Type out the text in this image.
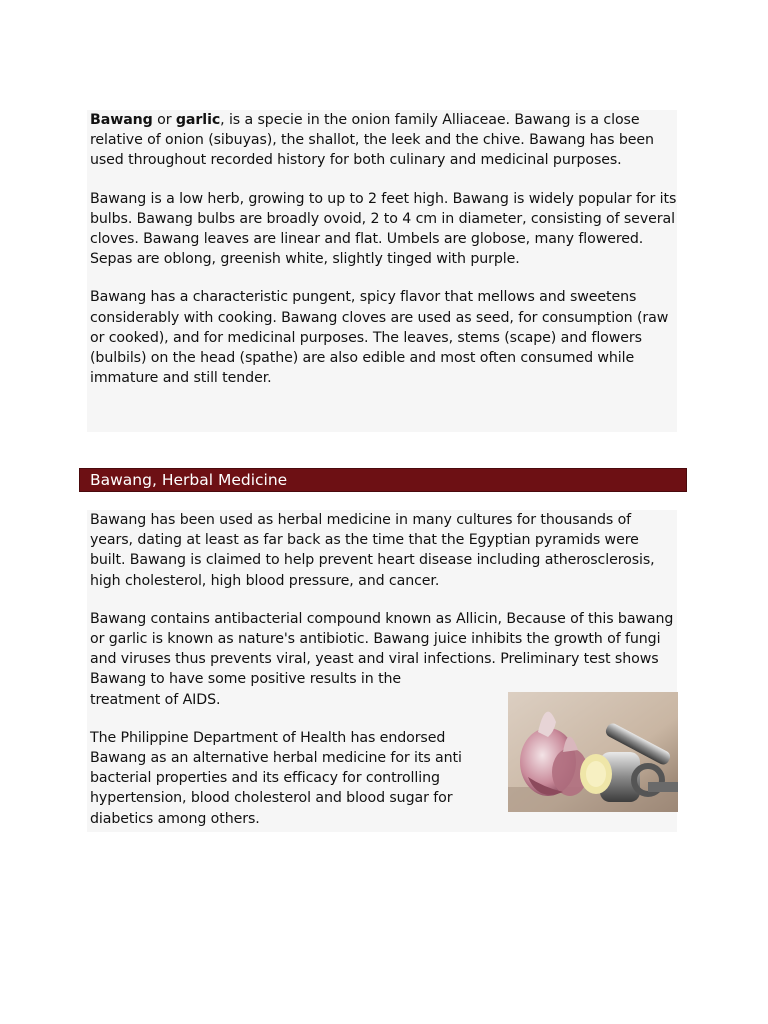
Bawang or garlic, is a specie in the onion family Alliaceae. Bawang is a close relative of onion (sibuyas), the shallot, the leek and the chive. Bawang has been used throughout recorded history for both culinary and medicinal purposes.

Bawang is a low herb, growing to up to 2 feet high. Bawang is widely popular for its bulbs. Bawang bulbs are broadly ovoid, 2 to 4 cm in diameter, consisting of several cloves. Bawang leaves are linear and flat. Umbels are globose, many flowered. Sepas are oblong, greenish white, slightly tinged with purple.

Bawang has a characteristic pungent, spicy flavor that mellows and sweetens considerably with cooking. Bawang cloves are used as seed, for consumption (raw or cooked), and for medicinal purposes. The leaves, stems (scape) and flowers (bulbils) on the head (spathe) are also edible and most often consumed while immature and still tender.

Bawang, Herbal Medicine

Bawang has been used as herbal medicine in many cultures for thousands of years, dating at least as far back as the time that the Egyptian pyramids were built. Bawang is claimed to help prevent heart disease including atherosclerosis, high cholesterol, high blood pressure, and cancer.

Bawang contains antibacterial compound known as Allicin, Because of this bawang or garlic is known as nature's antibiotic. Bawang juice inhibits the growth of fungi and viruses thus prevents viral, yeast and viral infections. Preliminary test shows Bawang to have some positive results in the
treatment of AIDS.

The Philippine Department of Health has endorsed Bawang as an alternative herbal medicine for its anti bacterial properties and its efficacy for controlling hypertension, blood cholesterol and blood sugar for diabetics among others.
